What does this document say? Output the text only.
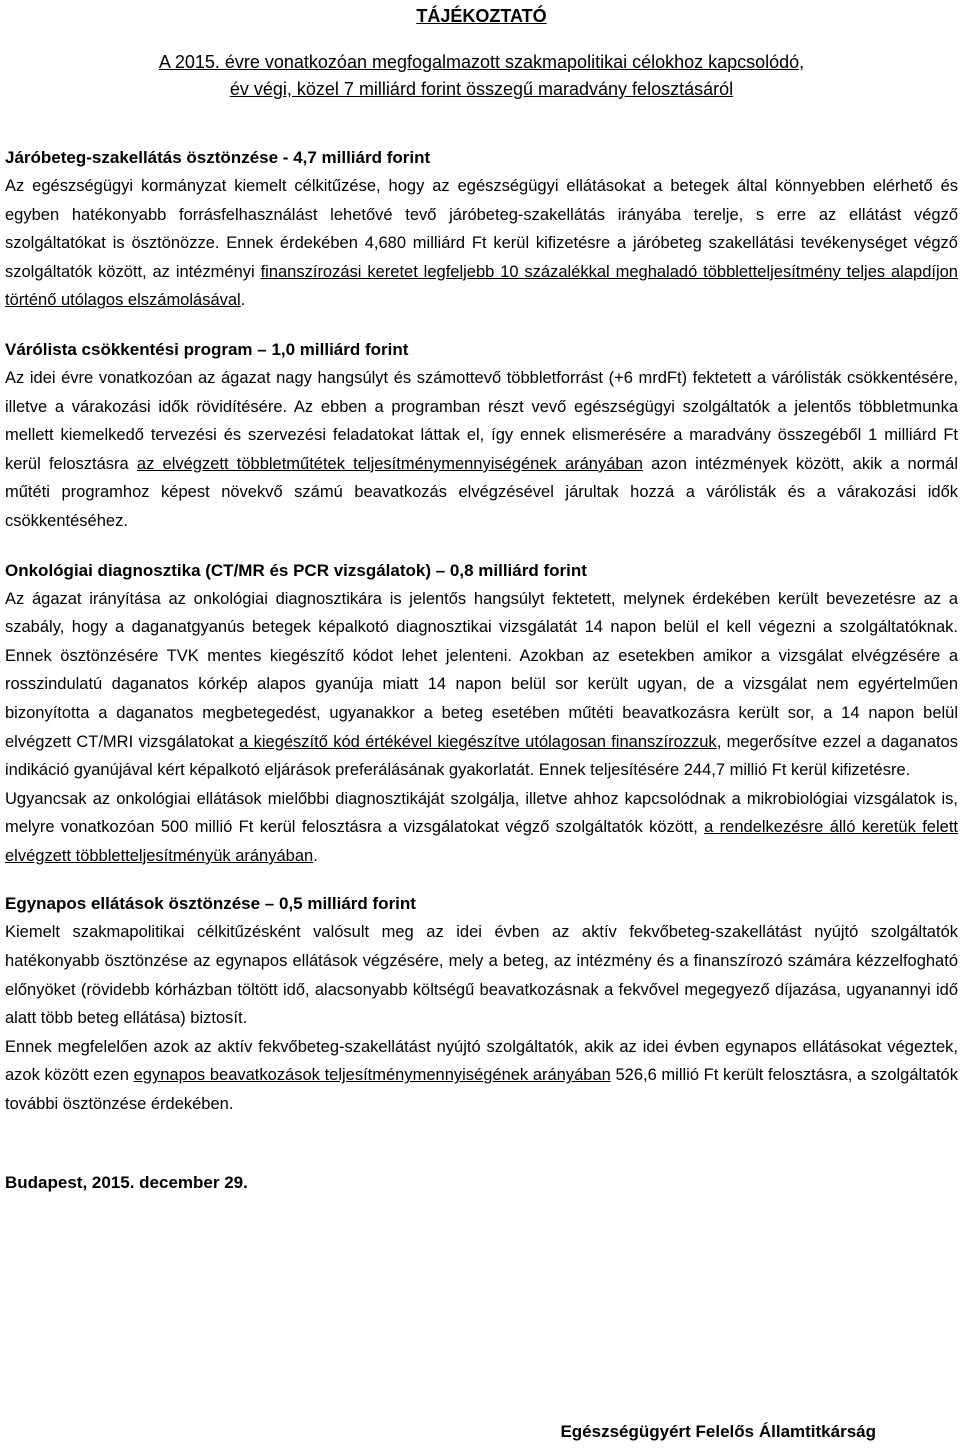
TÁJÉKOZTATÓ
A 2015. évre vonatkozóan megfogalmazott szakmapolitikai célokhoz kapcsolódó,
év végi, közel 7 milliárd forint összegű maradvány felosztásáról
Járóbeteg-szakellátás ösztönzése - 4,7 milliárd forint

Az egészségügyi kormányzat kiemelt célkitűzése, hogy az egészségügyi ellátásokat a betegek által könnyebben elérhető és egyben hatékonyabb forrásfelhasználást lehetővé tevő járóbeteg-szakellátás irányába terelje, s erre az ellátást végző szolgáltatókat is ösztönözze. Ennek érdekében 4,680 milliárd Ft kerül kifizetésre a járóbeteg szakellátási tevékenységet végző szolgáltatók között, az intézményi finanszírozási keretet legfeljebb 10 százalékkal meghaladó többletteljesítmény teljes alapdíjon történő utólagos elszámolásával.

Várólista csökkentési program – 1,0 milliárd forint

Az idei évre vonatkozóan az ágazat nagy hangsúlyt és számottevő többletforrást (+6 mrdFt) fektetett a várólisták csökkentésére, illetve a várakozási idők rövidítésére. Az ebben a programban részt vevő egészségügyi szolgáltatók a jelentős többletmunka mellett kiemelkedő tervezési és szervezési feladatokat láttak el, így ennek elismerésére a maradvány összegéből 1 milliárd Ft kerül felosztásra az elvégzett többletműtétek teljesítménymennyiségének arányában azon intézmények között, akik a normál műtéti programhoz képest növekvő számú beavatkozás elvégzésével járultak hozzá a várólisták és a várakozási idők csökkentéséhez.

Onkológiai diagnosztika (CT/MR és PCR vizsgálatok) – 0,8 milliárd forint

Az ágazat irányítása az onkológiai diagnosztikára is jelentős hangsúlyt fektetett, melynek érdekében került bevezetésre az a szabály, hogy a daganatgyanús betegek képalkotó diagnosztikai vizsgálatát 14 napon belül el kell végezni a szolgáltatóknak. Ennek ösztönzésére TVK mentes kiegészítő kódot lehet jelenteni. Azokban az esetekben amikor a vizsgálat elvégzésére a rosszindulatú daganatos kórkép alapos gyanúja miatt 14 napon belül sor került ugyan, de a vizsgálat nem egyértelműen bizonyította a daganatos megbetegedést, ugyanakkor a beteg esetében műtéti beavatkozásra került sor, a 14 napon belül elvégzett CT/MRI vizsgálatokat a kiegészítő kód értékével kiegészítve utólagosan finanszírozzuk, megerősítve ezzel a daganatos indikáció gyanújával kért képalkotó eljárások preferálásának gyakorlatát. Ennek teljesítésére 244,7 millió Ft kerül kifizetésre.

Ugyancsak az onkológiai ellátások mielőbbi diagnosztikáját szolgálja, illetve ahhoz kapcsolódnak a mikrobiológiai vizsgálatok is, melyre vonatkozóan 500 millió Ft kerül felosztásra a vizsgálatokat végző szolgáltatók között, a rendelkezésre álló keretük felett elvégzett többletteljesítményük arányában.

Egynapos ellátások ösztönzése – 0,5 milliárd forint

Kiemelt szakmapolitikai célkitűzésként valósult meg az idei évben az aktív fekvőbeteg-szakellátást nyújtó szolgáltatók hatékonyabb ösztönzése az egynapos ellátások végzésére, mely a beteg, az intézmény és a finanszírozó számára kézzelfogható előnyöket (rövidebb kórházban töltött idő, alacsonyabb költségű beavatkozásnak a fekvővel megegyező díjazása, ugyanannyi idő alatt több beteg ellátása) biztosít.

Ennek megfelelően azok az aktív fekvőbeteg-szakellátást nyújtó szolgáltatók, akik az idei évben egynapos ellátásokat végeztek, azok között ezen egynapos beavatkozások teljesítménymennyiségének arányában 526,6 millió Ft került felosztásra, a szolgáltatók további ösztönzése érdekében.

Budapest, 2015. december 29.
Egészségügyért Felelős Államtitkárság
